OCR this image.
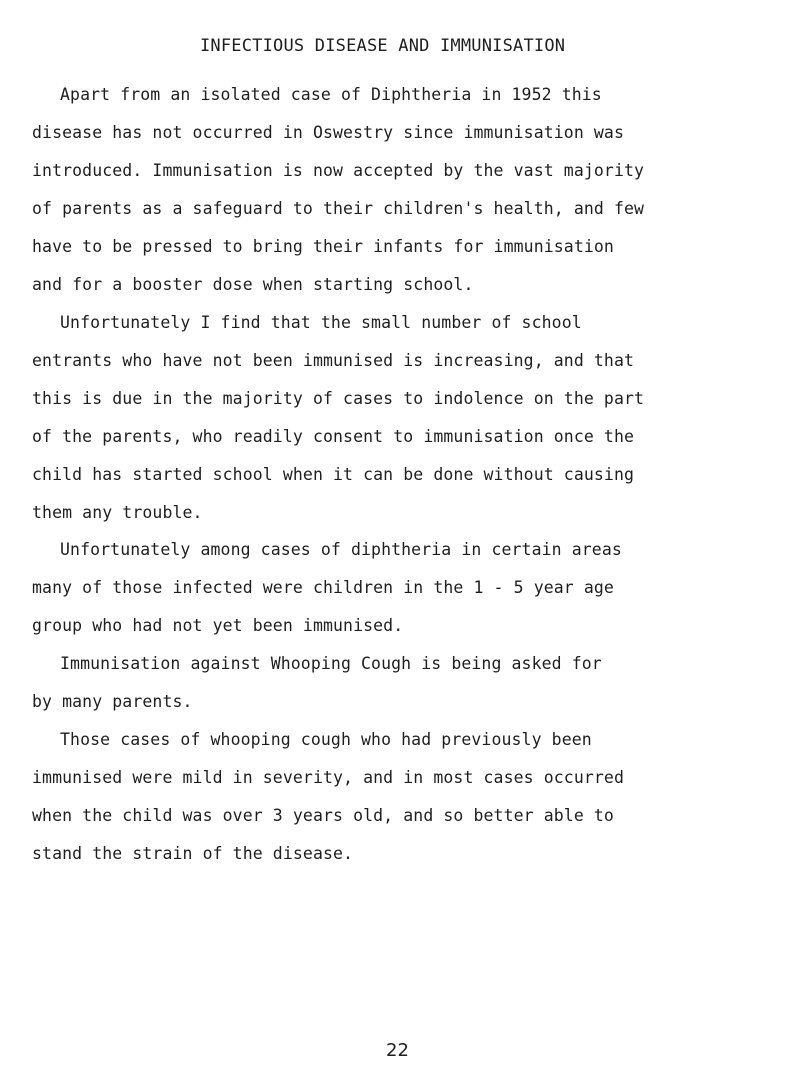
INFECTIOUS DISEASE AND IMMUNISATION
Apart from an isolated case of Diphtheria in 1952 this
disease has not occurred in Oswestry since immunisation was
introduced. Immunisation is now accepted by the vast majority
of parents as a safeguard to their children's health, and few
have to be pressed to bring their infants for immunisation
and for a booster dose when starting school.
Unfortunately I find that the small number of school
entrants who have not been immunised is increasing, and that
this is due in the majority of cases to indolence on the part
of the parents, who readily consent to immunisation once the
child has started school when it can be done without causing
them any trouble.
Unfortunately among cases of diphtheria in certain areas
many of those infected were children in the 1 - 5 year age
group who had not yet been immunised.
Immunisation against Whooping Cough is being asked for
by many parents.
Those cases of whooping cough who had previously been
immunised were mild in severity, and in most cases occurred
when the child was over 3 years old, and so better able to
stand the strain of the disease.
22
